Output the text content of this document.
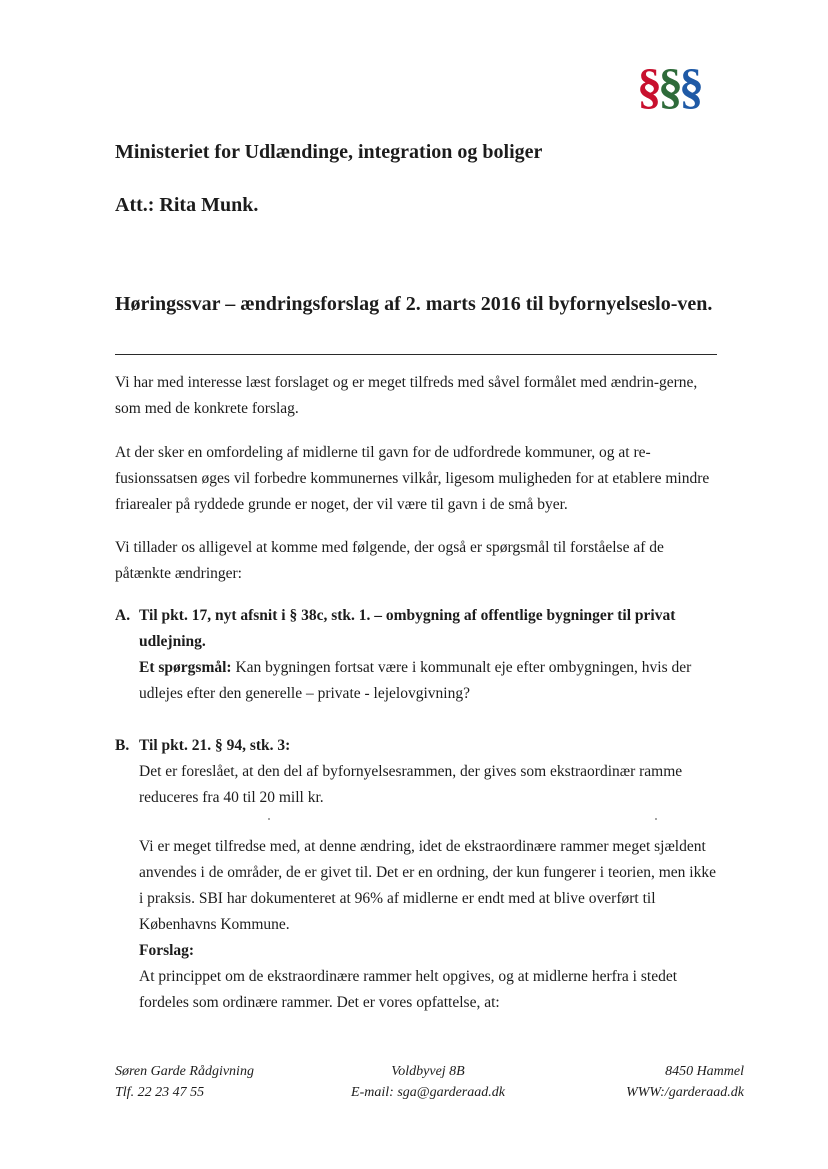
§§§

Ministeriet for Udlændinge, integration og boliger

Att.: Rita Munk.

Høringssvar – ændringsforslag af 2. marts 2016 til byfornyelseslo-ven.

Vi har med interesse læst forslaget og er meget tilfreds med såvel formålet med ændrin-gerne, som med de konkrete forslag.

At der sker en omfordeling af midlerne til gavn for de udfordrede kommuner, og at re-fusionssatsen øges vil forbedre kommunernes vilkår, ligesom muligheden for at etablere mindre friarealer på ryddede grunde er noget, der vil være til gavn i de små byer.

Vi tillader os alligevel at komme med følgende, der også er spørgsmål til forståelse af de påtænkte ændringer:

A. Til pkt. 17, nyt afsnit i § 38c, stk. 1. – ombygning af offentlige bygninger til privat udlejning.
Et spørgsmål: Kan bygningen fortsat være i kommunalt eje efter ombygningen, hvis der udlejes efter den generelle – private - lejelovgivning?
B. Til pkt. 21. § 94, stk. 3:
Det er foreslået, at den del af byfornyelsesrammen, der gives som ekstraordinær ramme reduceres fra 40 til 20 mill kr.
Vi er meget tilfredse med, at denne ændring, idet de ekstraordinære rammer meget sjældent anvendes i de områder, de er givet til. Det er en ordning, der kun fungerer i teorien, men ikke i praksis. SBI har dokumenteret at 96% af midlerne er endt med at blive overført til Københavns Kommune.
Forslag:
At princippet om de ekstraordinære rammer helt opgives, og at midlerne herfra i stedet fordeles som ordinære rammer. Det er vores opfattelse, at:
Søren Garde Rådgivning
Tlf. 22 23 47 55
Voldbyvej 8B
E-mail: sga@garderaad.dk
8450 Hammel
WWW:/garderaad.dk
